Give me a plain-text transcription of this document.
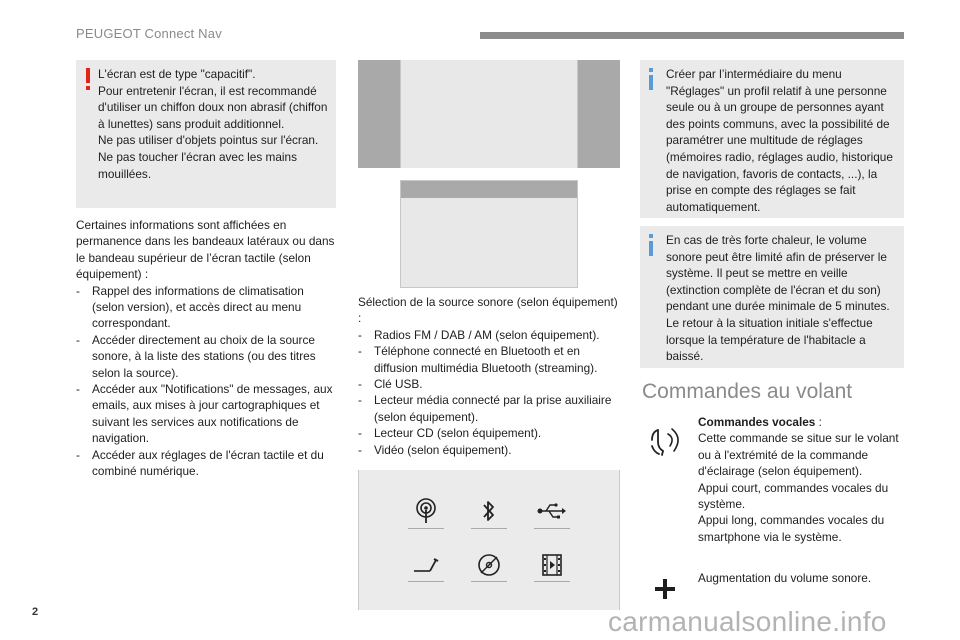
PEUGEOT Connect Nav

L'écran est de type "capacitif".

Pour entretenir l'écran, il est recommandé d'utiliser un chiffon doux non abrasif (chiffon à lunettes) sans produit additionnel.

Ne pas utiliser d'objets pointus sur l'écran.

Ne pas toucher l'écran avec les mains mouillées.

Certaines informations sont affichées en permanence dans les bandeaux latéraux ou dans le bandeau supérieur de l’écran tactile (selon équipement) :

- Rappel des informations de climatisation (selon version), et accès direct au menu correspondant.
- Accéder directement au choix de la source sonore, à la liste des stations (ou des titres selon la source).
- Accéder aux "Notifications" de messages, aux emails, aux mises à jour cartographiques et suivant les services aux notifications de navigation.
- Accéder aux réglages de l'écran tactile et du combiné numérique.

Sélection de la source sonore (selon équipement) :

- Radios FM / DAB / AM (selon équipement).
- Téléphone connecté en Bluetooth et en diffusion multimédia Bluetooth (streaming).
- Clé USB.
- Lecteur média connecté par la prise auxiliaire (selon équipement).
- Lecteur CD (selon équipement).
- Vidéo (selon équipement).
Créer par l’intermédiaire du menu "Réglages" un profil relatif à une personne seule ou à un groupe de personnes ayant des points communs, avec la possibilité de paramétrer une multitude de réglages (mémoires radio, réglages audio, historique de navigation, favoris de contacts, ...), la prise en compte des réglages se fait automatiquement.
En cas de très forte chaleur, le volume sonore peut être limité afin de préserver le système. Il peut se mettre en veille (extinction complète de l'écran et du son) pendant une durée minimale de 5 minutes. Le retour à la situation initiale s'effectue lorsque la température de l'habitacle a baissé.
Commandes au volant

Commandes vocales :

Cette commande se situe sur le volant ou à l'extrémité de la commande d'éclairage (selon équipement).

Appui court, commandes vocales du système.

Appui long, commandes vocales du smartphone via le système.

Augmentation du volume sonore.
2	carmanualsonline.info
